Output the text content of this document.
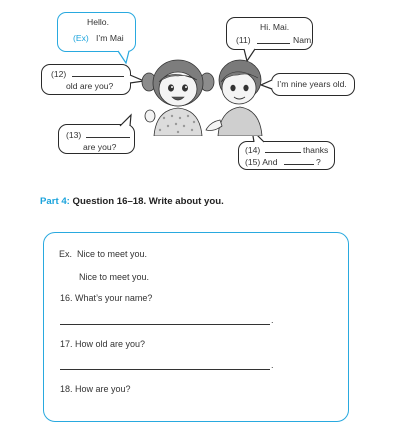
Hello.
(Ex) I’m Mai
Hi. Mai.
(11)	Nam.
(12)
old are you?	I’m nine years old.
(13)
are you?	(14)	thanks
(15) And	?
Part 4: Question 16–18. Write about you.
Ex. Nice to meet you.
Nice to meet you.
16. What’s your name?
.
17. How old are you?
.
18. How are you?
